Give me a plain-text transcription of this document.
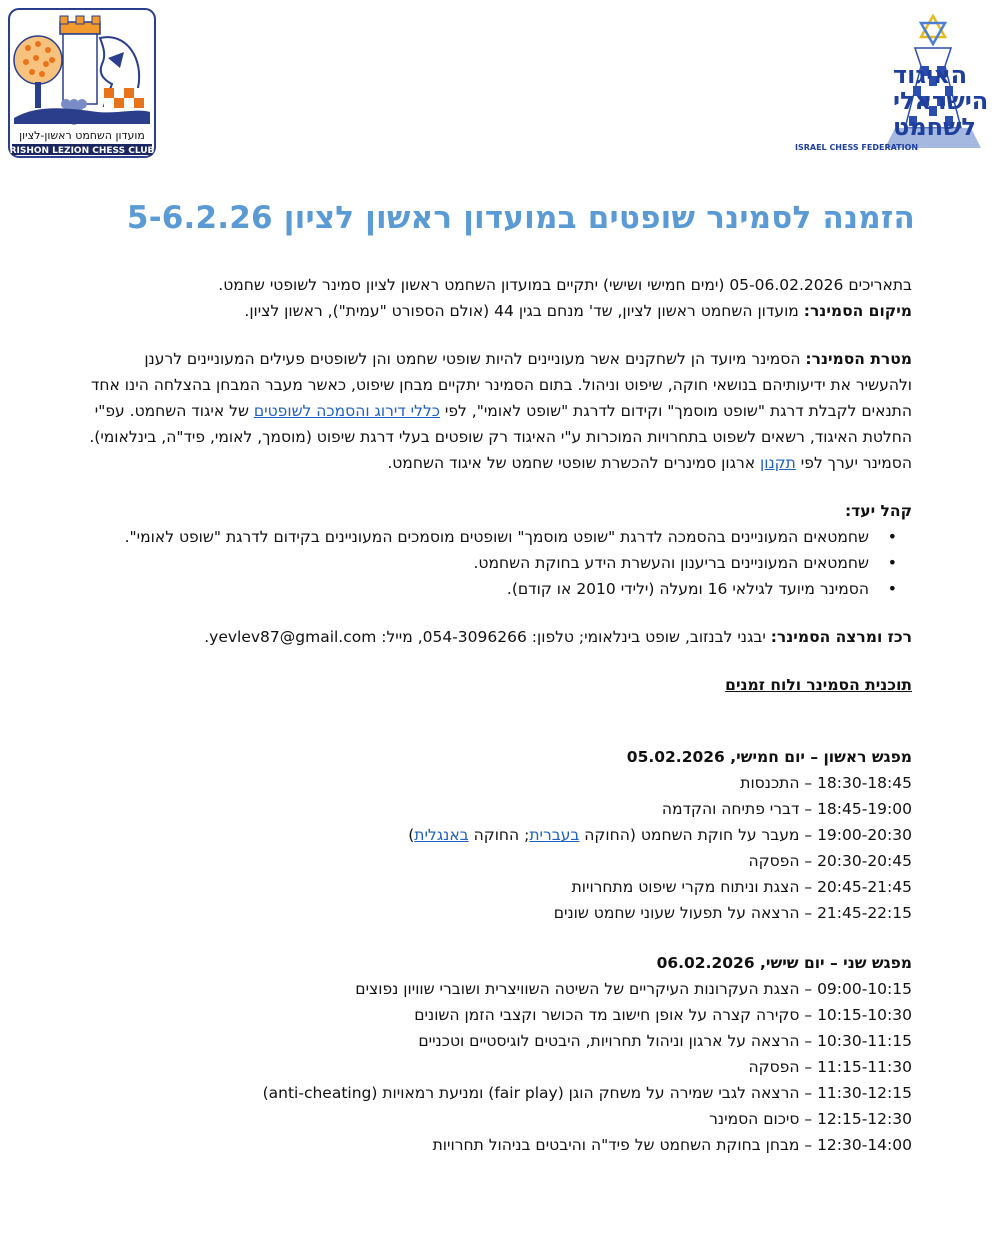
מועדון השחמט ראשון-לציון
RISHON LEZION CHESS CLUB
האיגוד
הישראלי
לשחמט
ISRAEL CHESS FEDERATION
הזמנה לסמינר שופטים במועדון ראשון לציון 5-6.2.26

בתאריכים 05-06.02.2026 (ימים חמישי ושישי) יתקיים במועדון השחמט ראשון לציון סמינר לשופטי שחמט.

מיקום הסמינר: מועדון השחמט ראשון לציון, שד' מנחם בגין 44 (אולם הספורט "עמית"), ראשון לציון.

מטרת הסמינר: הסמינר מיועד הן לשחקנים אשר מעוניינים להיות שופטי שחמט והן לשופטים פעילים המעוניינים לרענן ולהעשיר את ידיעותיהם בנושאי חוקה, שיפוט וניהול. בתום הסמינר יתקיים מבחן שיפוט, כאשר מעבר המבחן בהצלחה הינו אחד התנאים לקבלת דרגת "שופט מוסמך" וקידום לדרגת "שופט לאומי", לפי כללי דירוג והסמכה לשופטים של איגוד השחמט. עפ"י החלטת האיגוד, רשאים לשפוט בתחרויות המוכרות ע"י האיגוד רק שופטים בעלי דרגת שיפוט (מוסמך, לאומי, פיד"ה, בינלאומי).

הסמינר יערך לפי תקנון ארגון סמינרים להכשרת שופטי שחמט של איגוד השחמט.

קהל יעד:

• שחמטאים המעוניינים בהסמכה לדרגת "שופט מוסמך" ושופטים מוסמכים המעוניינים בקידום לדרגת "שופט לאומי".
• שחמטאים המעוניינים בריענון והעשרת הידע בחוקת השחמט.
• הסמינר מיועד לגילאי 16 ומעלה (ילידי 2010 או קודם).

רכז ומרצה הסמינר: יבגני לבנזוב, שופט בינלאומי; טלפון: 054-3096266, מייל: yevlev87@gmail.com.

תוכנית הסמינר ולוח זמנים

מפגש ראשון – יום חמישי, 05.02.2026

18:30-18:45 – התכנסות

18:45-19:00 – דברי פתיחה והקדמה

19:00-20:30 – מעבר על חוקת השחמט (החוקה בעברית; החוקה באנגלית)

20:30-20:45 – הפסקה

20:45-21:45 – הצגת וניתוח מקרי שיפוט מתחרויות

21:45-22:15 – הרצאה על תפעול שעוני שחמט שונים

מפגש שני – יום שישי, 06.02.2026

09:00-10:15 – הצגת העקרונות העיקריים של השיטה השוויצרית ושוברי שוויון נפוצים

10:15-10:30 – סקירה קצרה על אופן חישוב מד הכושר וקצבי הזמן השונים

10:30-11:15 – הרצאה על ארגון וניהול תחרויות, היבטים לוגיסטיים וטכניים

11:15-11:30 – הפסקה

11:30-12:15 – הרצאה לגבי שמירה על משחק הוגן (fair play) ומניעת רמאויות (anti-cheating)

12:15-12:30 – סיכום הסמינר

12:30-14:00 – מבחן בחוקת השחמט של פיד"ה והיבטים בניהול תחרויות
